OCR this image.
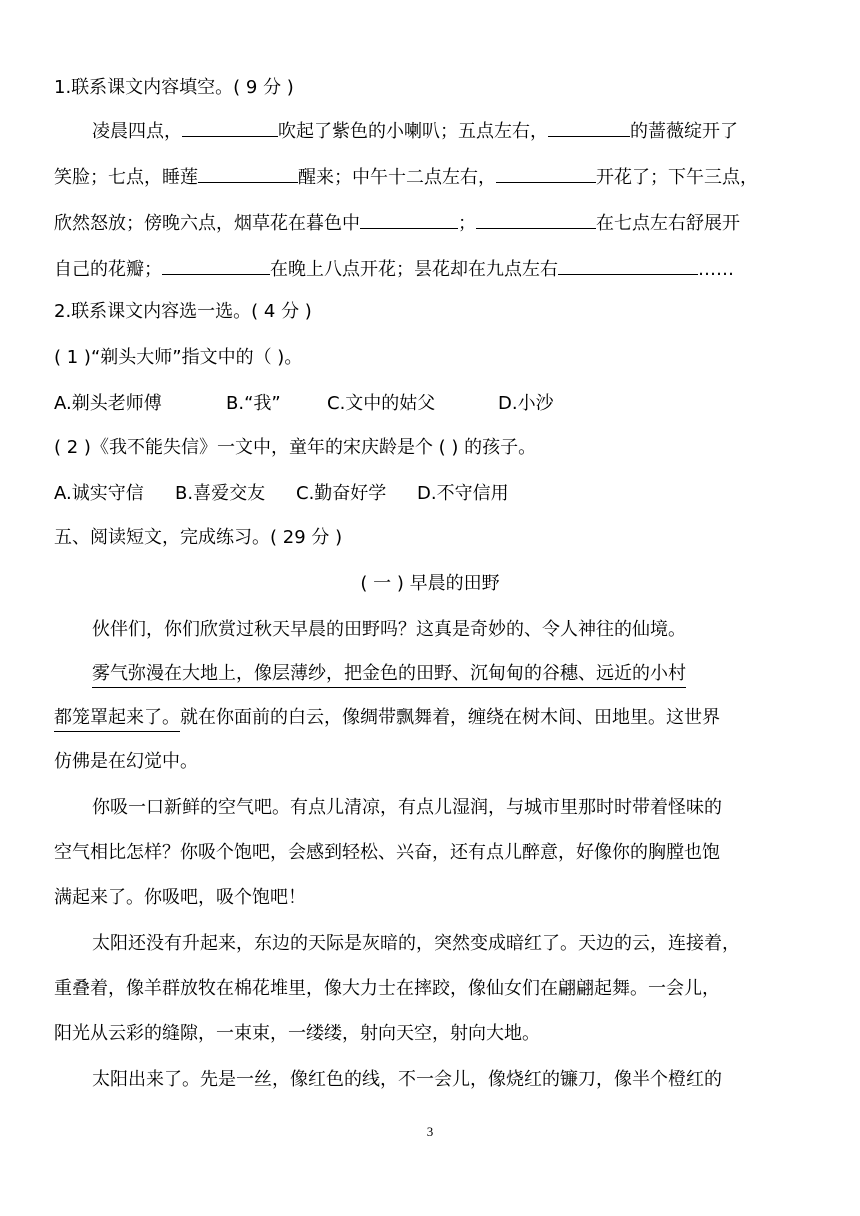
1.联系课文内容填空。( 9 分 )
凌晨四点，	吹起了紫色的小喇叭；五点左右，	的蔷薇绽开了
笑脸；七点，睡莲	醒来；中午十二点左右，	开花了；下午三点，
欣然怒放；傍晚六点，烟草花在暮色中	；	在七点左右舒展开
自己的花瓣；	在晚上八点开花；昙花却在九点左右	……
2.联系课文内容选一选。( 4 分 )
( 1 )“剃头大师”指文中的（ )。
A.剃头老师傅	B.“我”	C.文中的姑父	D.小沙
( 2 )《我不能失信》一文中，童年的宋庆龄是个 ( ) 的孩子。
A.诚实守信 B.喜爱交友 C.勤奋好学 D.不守信用
五、阅读短文，完成练习。( 29 分 )
( 一 ) 早晨的田野
伙伴们，你们欣赏过秋天早晨的田野吗？这真是奇妙的、令人神往的仙境。
雾气弥漫在大地上，像层薄纱，把金色的田野、沉甸甸的谷穗、远近的小村
都笼罩起来了。就在你面前的白云，像绸带飘舞着，缠绕在树木间、田地里。这世界
仿佛是在幻觉中。
你吸一口新鲜的空气吧。有点儿清凉，有点儿湿润，与城市里那时时带着怪味的
空气相比怎样？你吸个饱吧，会感到轻松、兴奋，还有点儿醉意，好像你的胸膛也饱
满起来了。你吸吧，吸个饱吧！
太阳还没有升起来，东边的天际是灰暗的，突然变成暗红了。天边的云，连接着，
重叠着，像羊群放牧在棉花堆里，像大力士在摔跤，像仙女们在翩翩起舞。一会儿，
阳光从云彩的缝隙，一束束，一缕缕，射向天空，射向大地。
太阳出来了。先是一丝，像红色的线，不一会儿，像烧红的镰刀，像半个橙红的
3
